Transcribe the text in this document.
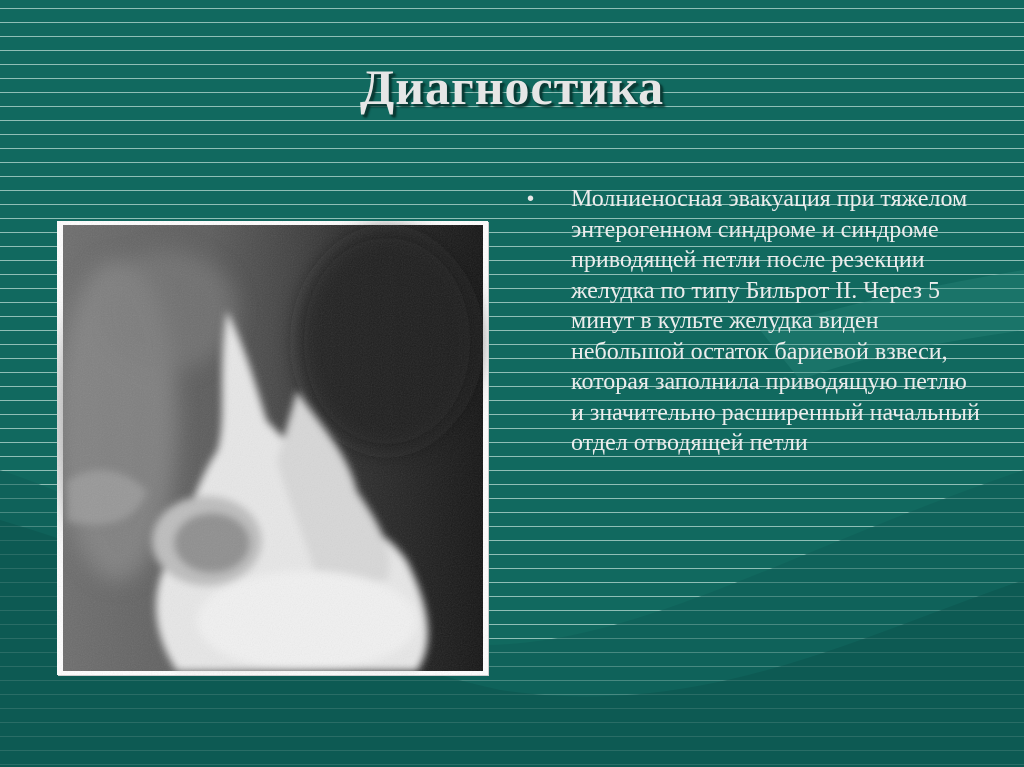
Диагностика
• Молниеносная эвакуация при тяжелом энтерогенном синдроме и синдроме приводящей петли после резекции желудка по типу Бильрот II. Через 5 минут в культе желудка виден небольшой остаток бариевой взвеси, которая заполнила приводящую петлю и значительно расширенный начальный отдел отводящей петли
